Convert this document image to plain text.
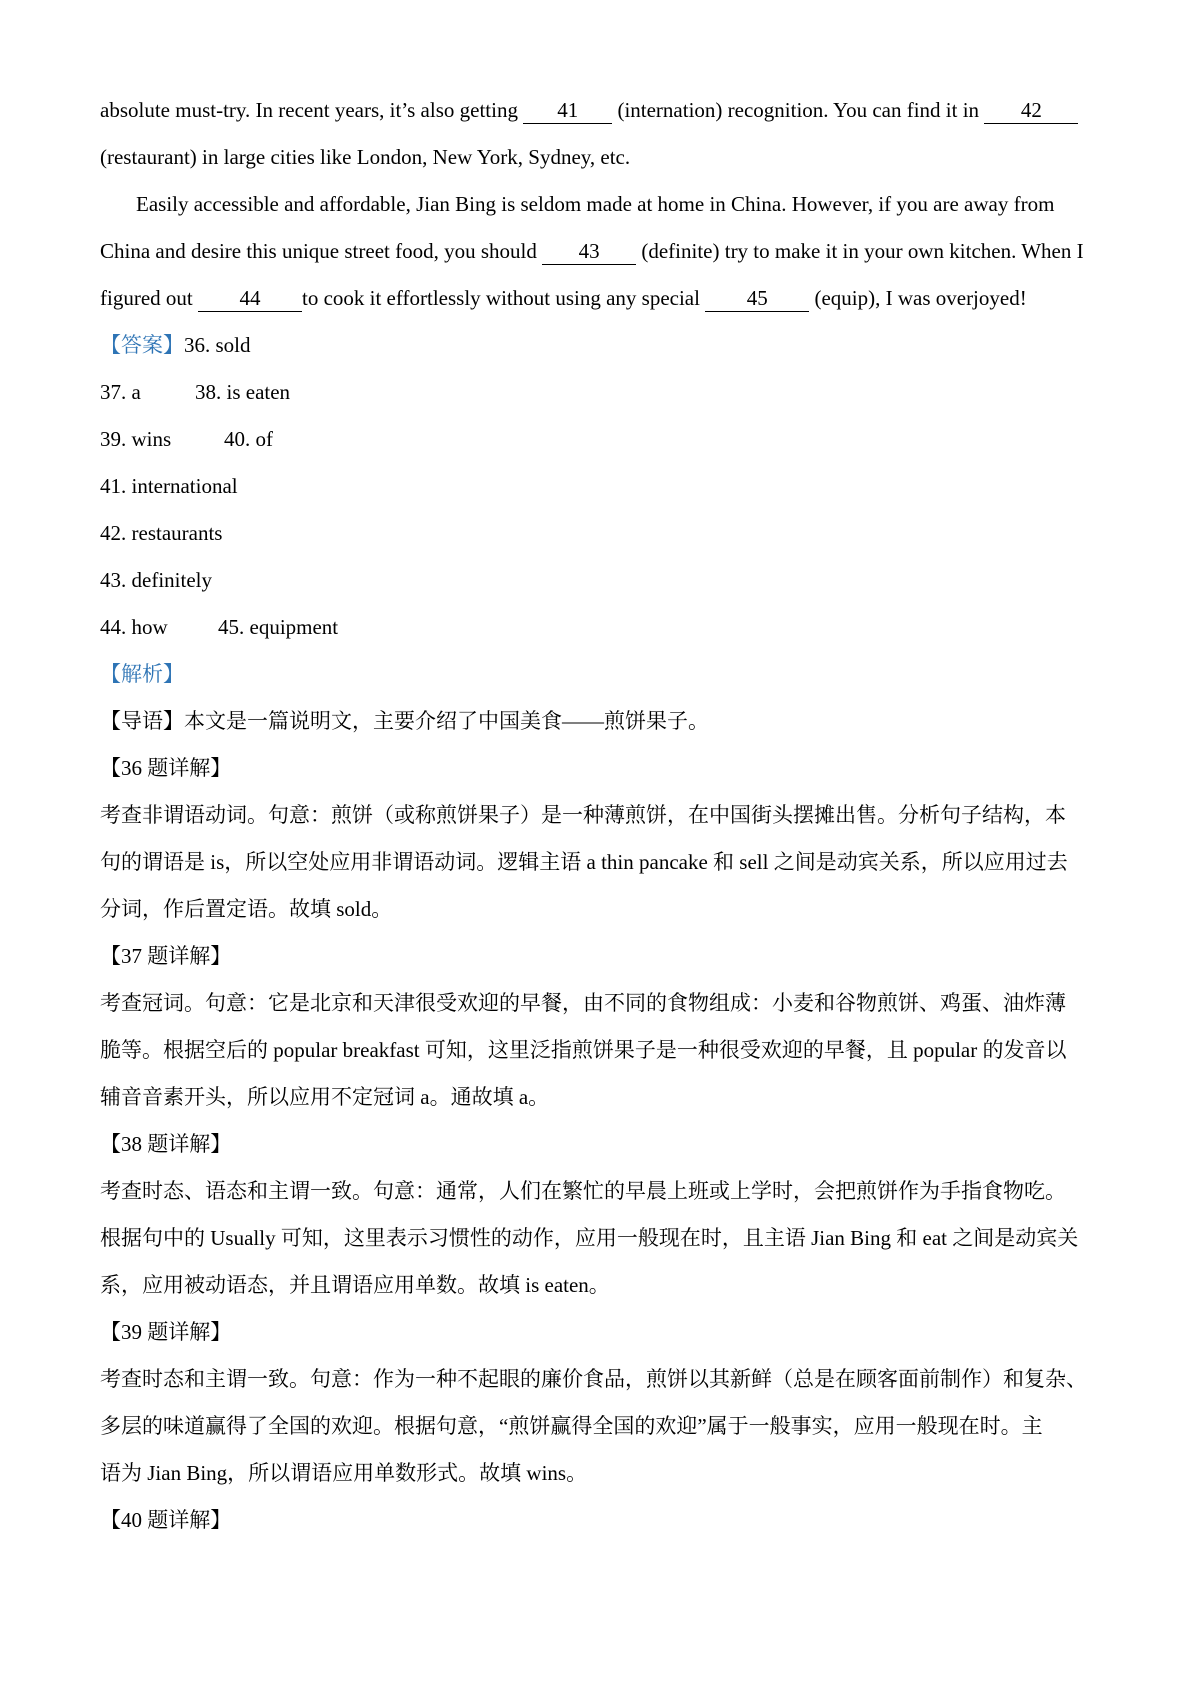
absolute must-try. In recent years, it’s also getting 41 (internation) recognition. You can find it in 42
(restaurant) in large cities like London, New York, Sydney, etc.
Easily accessible and affordable, Jian Bing is seldom made at home in China. However, if you are away from
China and desire this unique street food, you should 43 (definite) try to make it in your own kitchen. When I
figured out 44 to cook it effortlessly without using any special 45 (equip), I was overjoyed!
【答案】36. sold
37. a	38. is eaten
39. wins	40. of
41. international
42. restaurants
43. definitely
44. how 45. equipment
【解析】
【导语】本文是一篇说明文，主要介绍了中国美食——煎饼果子。
【36 题详解】
考查非谓语动词。句意：煎饼（或称煎饼果子）是一种薄煎饼，在中国街头摆摊出售。分析句子结构，本
句的谓语是 is，所以空处应用非谓语动词。逻辑主语 a thin pancake 和 sell 之间是动宾关系，所以应用过去
分词，作后置定语。故填 sold。
【37 题详解】
考查冠词。句意：它是北京和天津很受欢迎的早餐，由不同的食物组成：小麦和谷物煎饼、鸡蛋、油炸薄
脆等。根据空后的 popular breakfast 可知，这里泛指煎饼果子是一种很受欢迎的早餐，且 popular 的发音以
辅音音素开头，所以应用不定冠词 a。通故填 a。
【38 题详解】
考查时态、语态和主谓一致。句意：通常，人们在繁忙的早晨上班或上学时，会把煎饼作为手指食物吃。
根据句中的 Usually 可知，这里表示习惯性的动作，应用一般现在时，且主语 Jian Bing 和 eat 之间是动宾关
系，应用被动语态，并且谓语应用单数。故填 is eaten。
【39 题详解】
考查时态和主谓一致。句意：作为一种不起眼的廉价食品，煎饼以其新鲜（总是在顾客面前制作）和复杂、
多层的味道赢得了全国的欢迎。根据句意，“煎饼赢得全国的欢迎”属于一般事实，应用一般现在时。主
语为 Jian Bing，所以谓语应用单数形式。故填 wins。
【40 题详解】
